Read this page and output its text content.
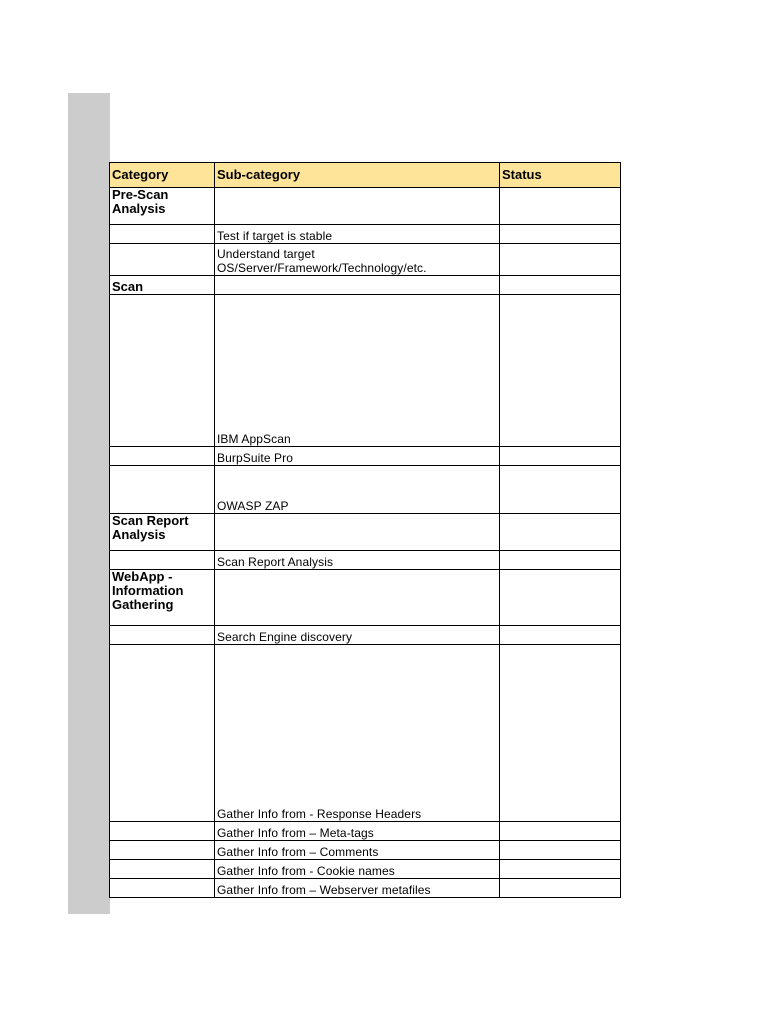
Category	Sub-category	Status
Pre-Scan Analysis		
	Test if target is stable	
	Understand target OS/Server/Framework/Technology/etc.	
Scan		
	IBM AppScan	
	BurpSuite Pro	
	OWASP ZAP	
Scan Report Analysis		
	Scan Report Analysis	
WebApp - Information Gathering		
	Search Engine discovery	
	Gather Info from - Response Headers	
	Gather Info from – Meta-tags	
	Gather Info from – Comments	
	Gather Info from - Cookie names	
	Gather Info from – Webserver metafiles	
